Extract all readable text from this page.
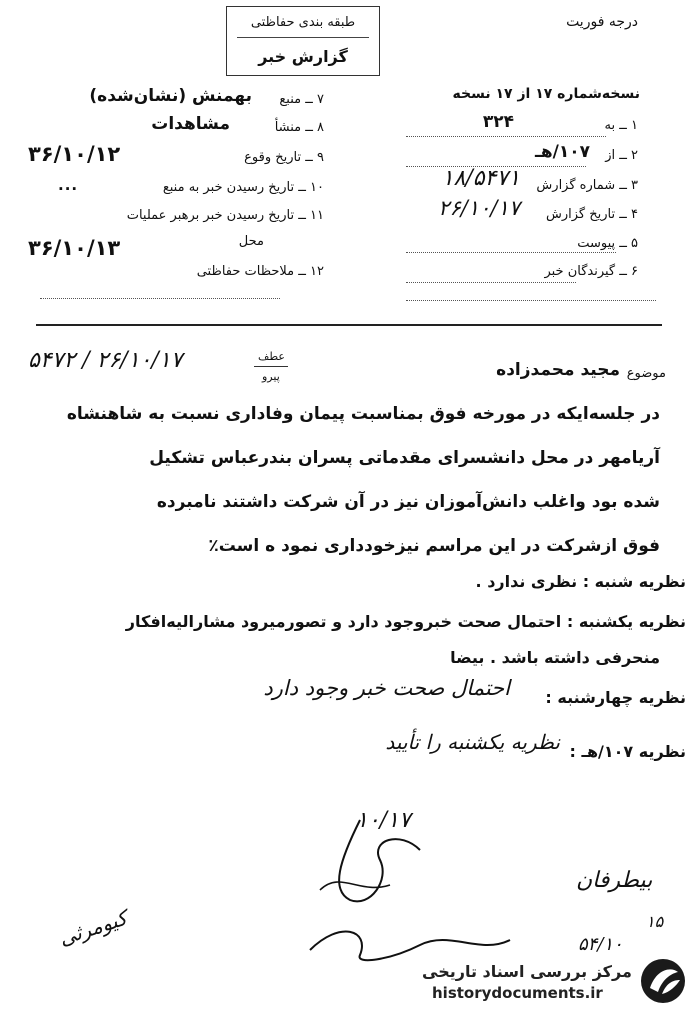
درجه فوریت
طبقه بندی حفاظتی
گزارش خبر
نسخه‌شماره ۱۷ از ۱۷ نسخه
۱ ــ به
۳۲۴
۲ ــ از
۱۰۷/هـ
۳ ــ شماره گزارش
۱۸/۵۴۷۱
۴ ــ تاریخ گزارش
۲۶/۱۰/۱۷
۵ ــ پیوست
۶ ــ گیرندگان خبر
۷ ــ منبع
بهمنش (نشان‌شده)
۸ ــ منشأ
مشاهدات
۹ ــ تاریخ وقوع
۳۶/۱۰/۱۲
۱۰ ــ تاریخ رسیدن خبر به منبع
...
۱۱ ــ تاریخ رسیدن خبر برهبر عملیات
محل
۳۶/۱۰/۱۳
۱۲ ــ ملاحظات حفاظتی
موضوع
مجید محمدزاده
عطف
پیرو
۵۴۷۲ / ۲۶/۱۰/۱۷
در جلسه‌ایکه در مورخه فوق بمناسبت پیمان وفاداری نسبت به شاهنشاه
آریامهر در محل دانشسرای مقدماتی پسران بندرعباس تشکیل
شده بود واغلب دانش‌آموزان نیز در آن شرکت داشتند نامبرده
فوق ازشرکت در این مراسم نیزخودداری نمود ه است٪
نظریه شنبه : نظری ندارد .
نظریه یکشنبه : احتمال صحت خبروجود دارد و تصورمیرود مشارالیه‌افکار
منحرفی داشته باشد . بیضا
نظریه چهارشنبه :
احتمال صحت خبر وجود دارد
نظریه ۱۰۷/هـ :
نظریه یکشنبه را تأیید
۱۰/۱۷
بیطرفان
۱۵
۵۴/۱۰
کیومرثی
مرکز بررسی اسناد تاریخی
historydocuments.ir
